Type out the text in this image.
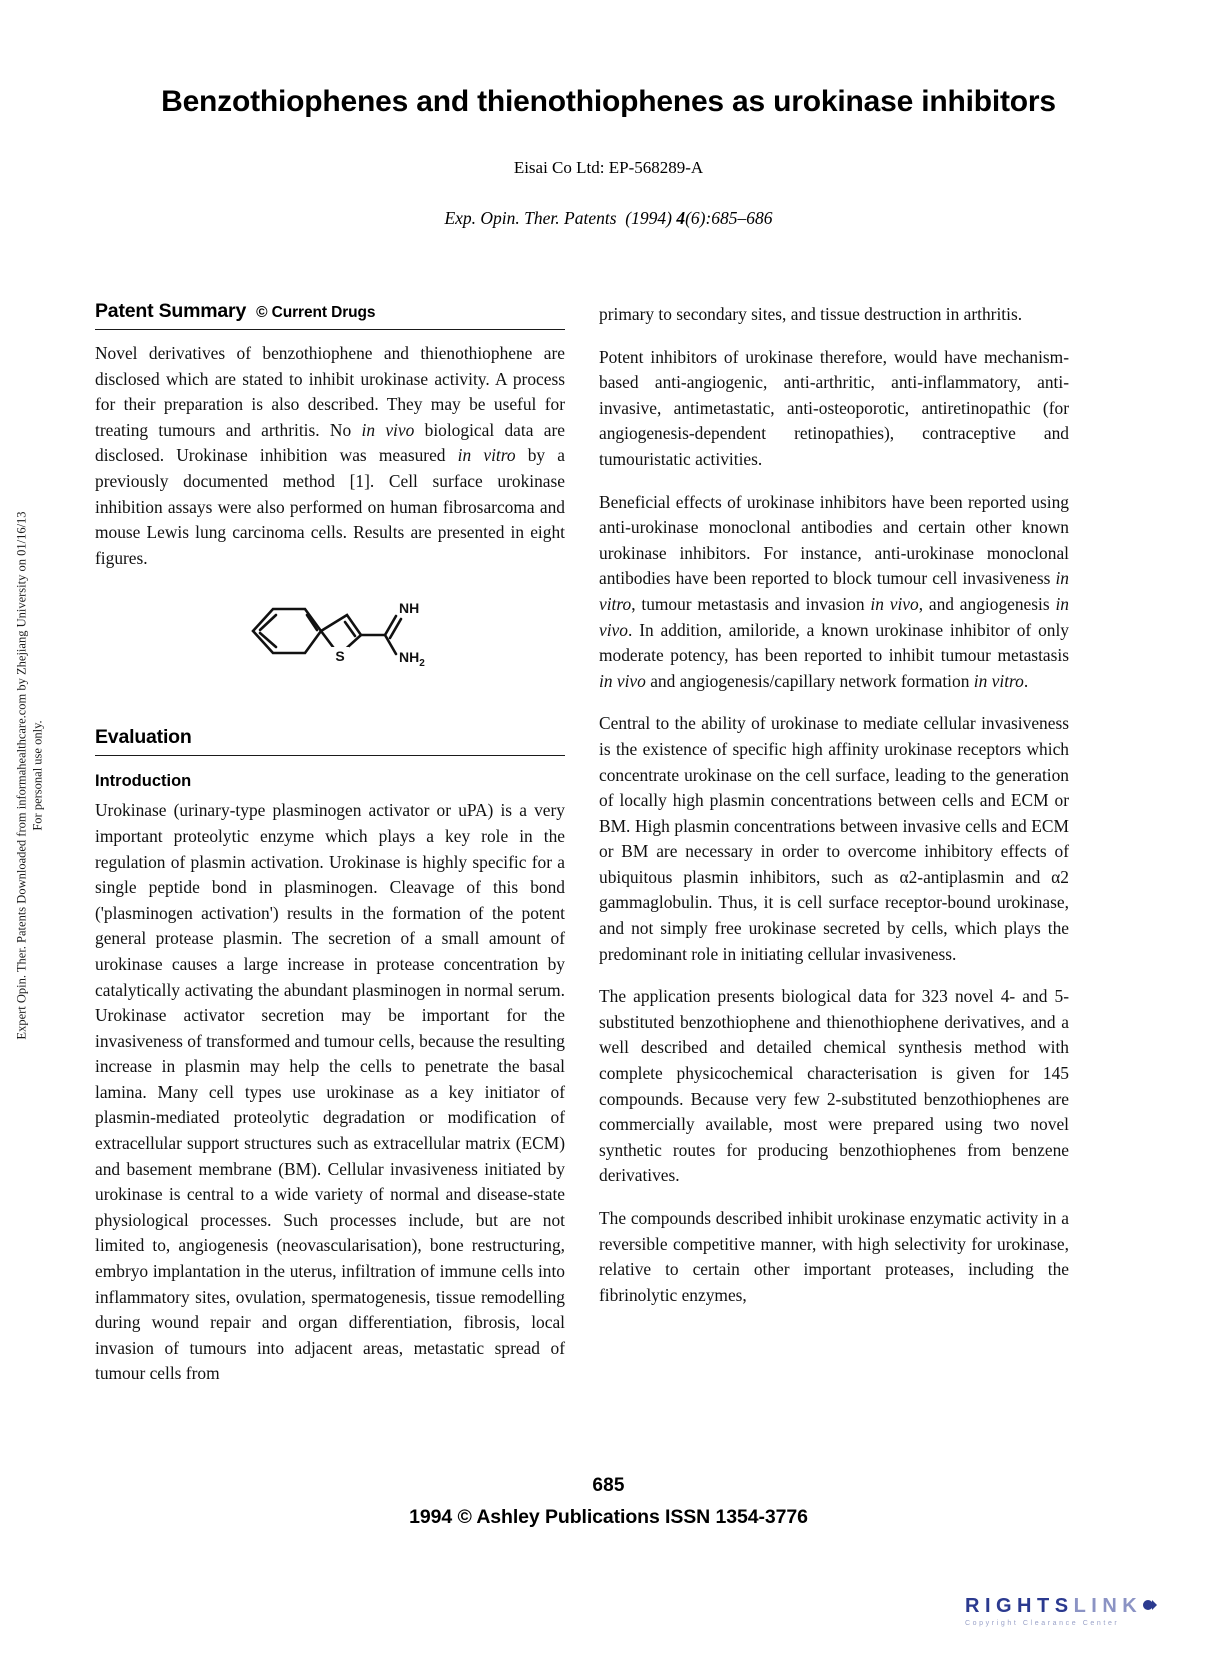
Expert Opin. Ther. Patents Downloaded from informahealthcare.com by Zhejiang University on 01/16/13 For personal use only.
Benzothiophenes and thienothiophenes as urokinase inhibitors
Eisai Co Ltd: EP-568289-A
Exp. Opin. Ther. Patents (1994) 4(6):685–686
Patent Summary © Current Drugs

Novel derivatives of benzothiophene and thienothiophene are disclosed which are stated to inhibit urokinase activity. A process for their preparation is also described. They may be useful for treating tumours and arthritis. No in vivo biological data are disclosed. Urokinase inhibition was measured in vitro by a previously documented method [1]. Cell surface urokinase inhibition assays were also performed on human fibrosarcoma and mouse Lewis lung carcinoma cells. Results are presented in eight figures.

S
NH
$NH_2$
Evaluation
Introduction

Urokinase (urinary-type plasminogen activator or uPA) is a very important proteolytic enzyme which plays a key role in the regulation of plasmin activation. Urokinase is highly specific for a single peptide bond in plasminogen. Cleavage of this bond ('plasminogen activation') results in the formation of the potent general protease plasmin. The secretion of a small amount of urokinase causes a large increase in protease concentration by catalytically activating the abundant plasminogen in normal serum. Urokinase activator secretion may be important for the invasiveness of transformed and tumour cells, because the resulting increase in plasmin may help the cells to penetrate the basal lamina. Many cell types use urokinase as a key initiator of plasmin-mediated proteolytic degradation or modification of extracellular support structures such as extracellular matrix (ECM) and basement membrane (BM). Cellular invasiveness initiated by urokinase is central to a wide variety of normal and disease-state physiological processes. Such processes include, but are not limited to, angiogenesis (neovascularisation), bone restructuring, embryo implantation in the uterus, infiltration of immune cells into inflammatory sites, ovulation, spermatogenesis, tissue remodelling during wound repair and organ differentiation, fibrosis, local invasion of tumours into adjacent areas, metastatic spread of tumour cells from

primary to secondary sites, and tissue destruction in arthritis.

Potent inhibitors of urokinase therefore, would have mechanism-based anti-angiogenic, anti-arthritic, anti-inflammatory, anti-invasive, antimetastatic, anti-osteoporotic, antiretinopathic (for angiogenesis-dependent retinopathies), contraceptive and tumouristatic activities.

Beneficial effects of urokinase inhibitors have been reported using anti-urokinase monoclonal antibodies and certain other known urokinase inhibitors. For instance, anti-urokinase monoclonal antibodies have been reported to block tumour cell invasiveness in vitro, tumour metastasis and invasion in vivo, and angiogenesis in vivo. In addition, amiloride, a known urokinase inhibitor of only moderate potency, has been reported to inhibit tumour metastasis in vivo and angiogenesis/capillary network formation in vitro.

Central to the ability of urokinase to mediate cellular invasiveness is the existence of specific high affinity urokinase receptors which concentrate urokinase on the cell surface, leading to the generation of locally high plasmin concentrations between cells and ECM or BM. High plasmin concentrations between invasive cells and ECM or BM are necessary in order to overcome inhibitory effects of ubiquitous plasmin inhibitors, such as α2-antiplasmin and α2 gammaglobulin. Thus, it is cell surface receptor-bound urokinase, and not simply free urokinase secreted by cells, which plays the predominant role in initiating cellular invasiveness.

The application presents biological data for 323 novel 4- and 5-substituted benzothiophene and thienothiophene derivatives, and a well described and detailed chemical synthesis method with complete physicochemical characterisation is given for 145 compounds. Because very few 2-substituted benzothiophenes are commercially available, most were prepared using two novel synthetic routes for producing benzothiophenes from benzene derivatives.

The compounds described inhibit urokinase enzymatic activity in a reversible competitive manner, with high selectivity for urokinase, relative to certain other important proteases, including the fibrinolytic enzymes,

685
1994 © Ashley Publications ISSN 1354-3776
RIGHTSLINK
Copyright Clearance Center
